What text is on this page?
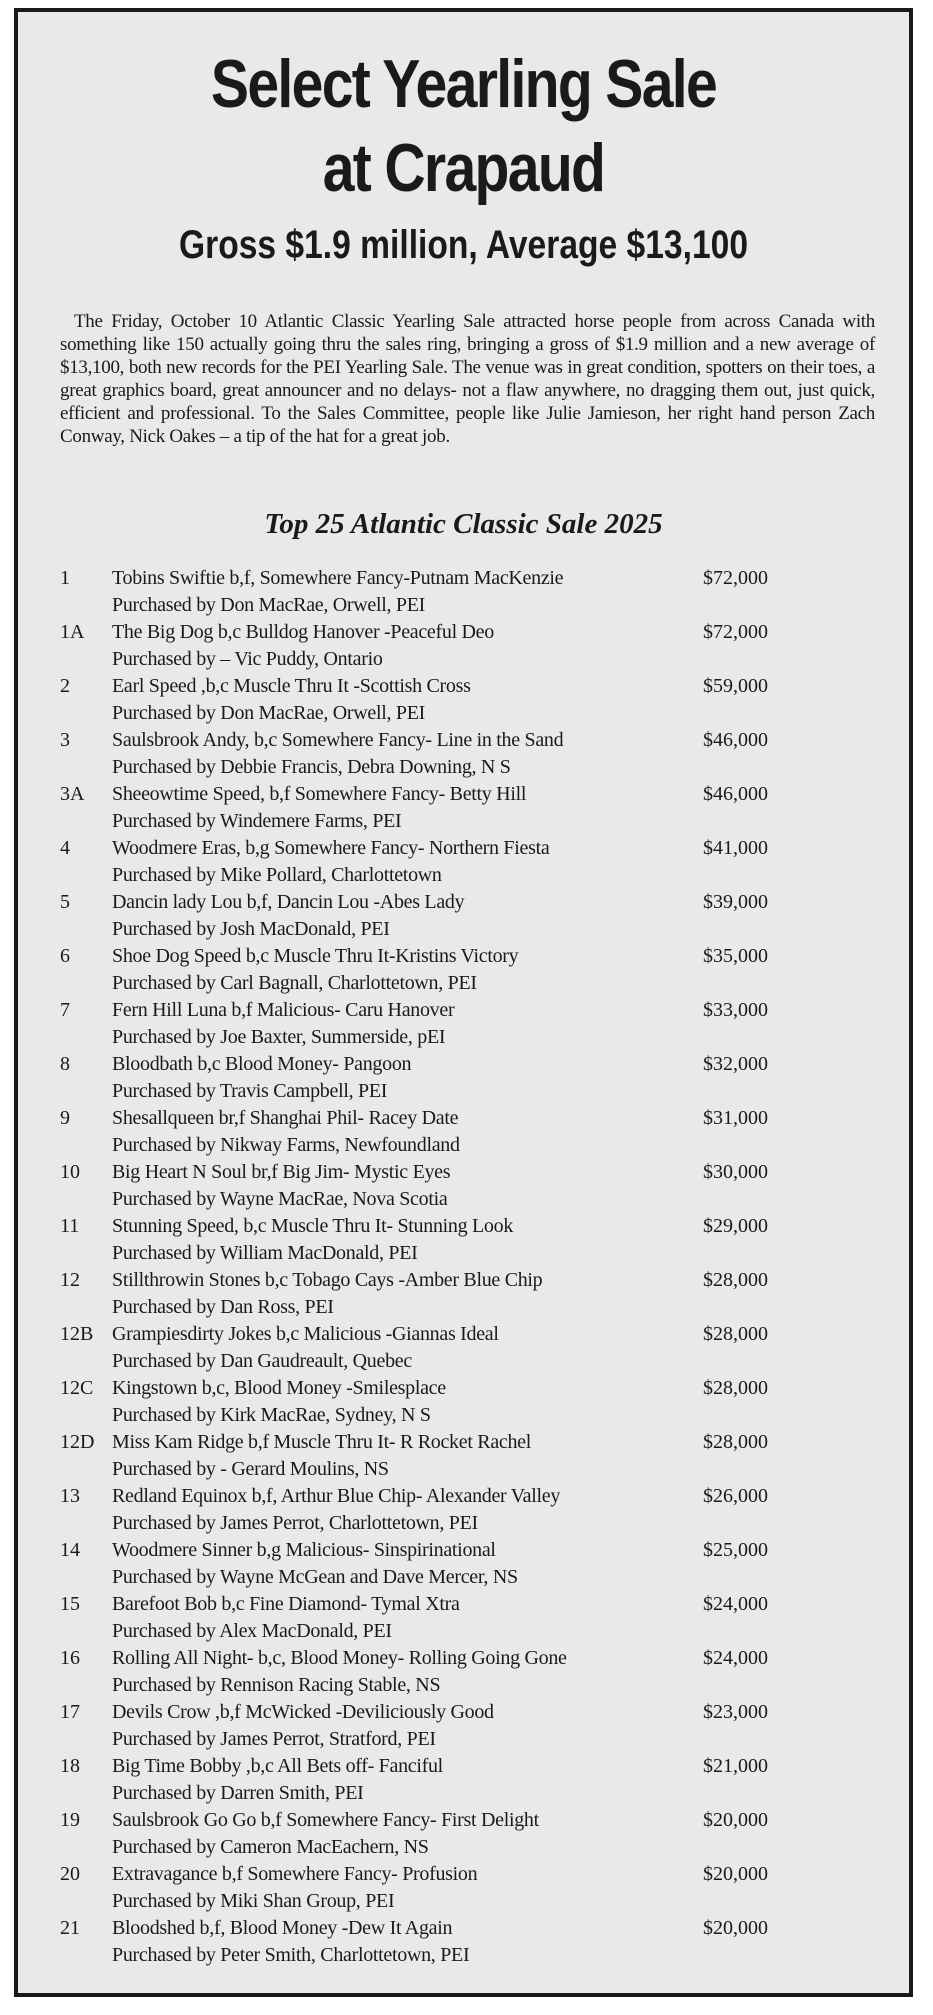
Select Yearling Sale
at Crapaud
Gross $1.9 million, Average $13,100
The Friday, October 10 Atlantic Classic Yearling Sale attracted horse people from across Canada with something like 150 actually going thru the sales ring, bringing a gross of $1.9 million and a new average of $13,100, both new records for the PEI Yearling Sale. The venue was in great condition, spotters on their toes, a great graphics board, great announcer and no delays- not a flaw anywhere, no dragging them out, just quick, efficient and professional. To the Sales Committee, people like Julie Jamieson, her right hand person Zach Conway, Nick Oakes – a tip of the hat for a great job.
Top 25 Atlantic Classic Sale 2025
1 Tobins Swiftie b,f, Somewhere Fancy-Putnam MacKenzie	$72,000
Purchased by Don MacRae, Orwell, PEI
1A The Big Dog b,c Bulldog Hanover -Peaceful Deo	$72,000
Purchased by – Vic Puddy, Ontario
2 Earl Speed ,b,c Muscle Thru It -Scottish Cross	$59,000
Purchased by Don MacRae, Orwell, PEI
3 Saulsbrook Andy, b,c Somewhere Fancy- Line in the Sand	$46,000
Purchased by Debbie Francis, Debra Downing, N S
3A Sheeowtime Speed, b,f Somewhere Fancy- Betty Hill	$46,000
Purchased by Windemere Farms, PEI
4 Woodmere Eras, b,g Somewhere Fancy- Northern Fiesta	$41,000
Purchased by Mike Pollard, Charlottetown
5 Dancin lady Lou b,f, Dancin Lou -Abes Lady	$39,000
Purchased by Josh MacDonald, PEI
6 Shoe Dog Speed b,c Muscle Thru It-Kristins Victory	$35,000
Purchased by Carl Bagnall, Charlottetown, PEI
7 Fern Hill Luna b,f Malicious- Caru Hanover	$33,000
Purchased by Joe Baxter, Summerside, pEI
8 Bloodbath b,c Blood Money- Pangoon	$32,000
Purchased by Travis Campbell, PEI
9 Shesallqueen br,f Shanghai Phil- Racey Date	$31,000
Purchased by Nikway Farms, Newfoundland
10 Big Heart N Soul br,f Big Jim- Mystic Eyes	$30,000
Purchased by Wayne MacRae, Nova Scotia
11 Stunning Speed, b,c Muscle Thru It- Stunning Look	$29,000
Purchased by William MacDonald, PEI
12 Stillthrowin Stones b,c Tobago Cays -Amber Blue Chip	$28,000
Purchased by Dan Ross, PEI
12B Grampiesdirty Jokes b,c Malicious -Giannas Ideal	$28,000
Purchased by Dan Gaudreault, Quebec
12C Kingstown b,c, Blood Money -Smilesplace	$28,000
Purchased by Kirk MacRae, Sydney, N S
12D Miss Kam Ridge b,f Muscle Thru It- R Rocket Rachel	$28,000
Purchased by - Gerard Moulins, NS
13 Redland Equinox b,f, Arthur Blue Chip- Alexander Valley	$26,000
Purchased by James Perrot, Charlottetown, PEI
14 Woodmere Sinner b,g Malicious- Sinspirinational	$25,000
Purchased by Wayne McGean and Dave Mercer, NS
15 Barefoot Bob b,c Fine Diamond- Tymal Xtra	$24,000
Purchased by Alex MacDonald, PEI
16 Rolling All Night- b,c, Blood Money- Rolling Going Gone	$24,000
Purchased by Rennison Racing Stable, NS
17 Devils Crow ,b,f McWicked -Deviliciously Good	$23,000
Purchased by James Perrot, Stratford, PEI
18 Big Time Bobby ,b,c All Bets off- Fanciful	$21,000
Purchased by Darren Smith, PEI
19 Saulsbrook Go Go b,f Somewhere Fancy- First Delight	$20,000
Purchased by Cameron MacEachern, NS
20 Extravagance b,f Somewhere Fancy- Profusion	$20,000
Purchased by Miki Shan Group, PEI
21 Bloodshed b,f, Blood Money -Dew It Again	$20,000
Purchased by Peter Smith, Charlottetown, PEI
